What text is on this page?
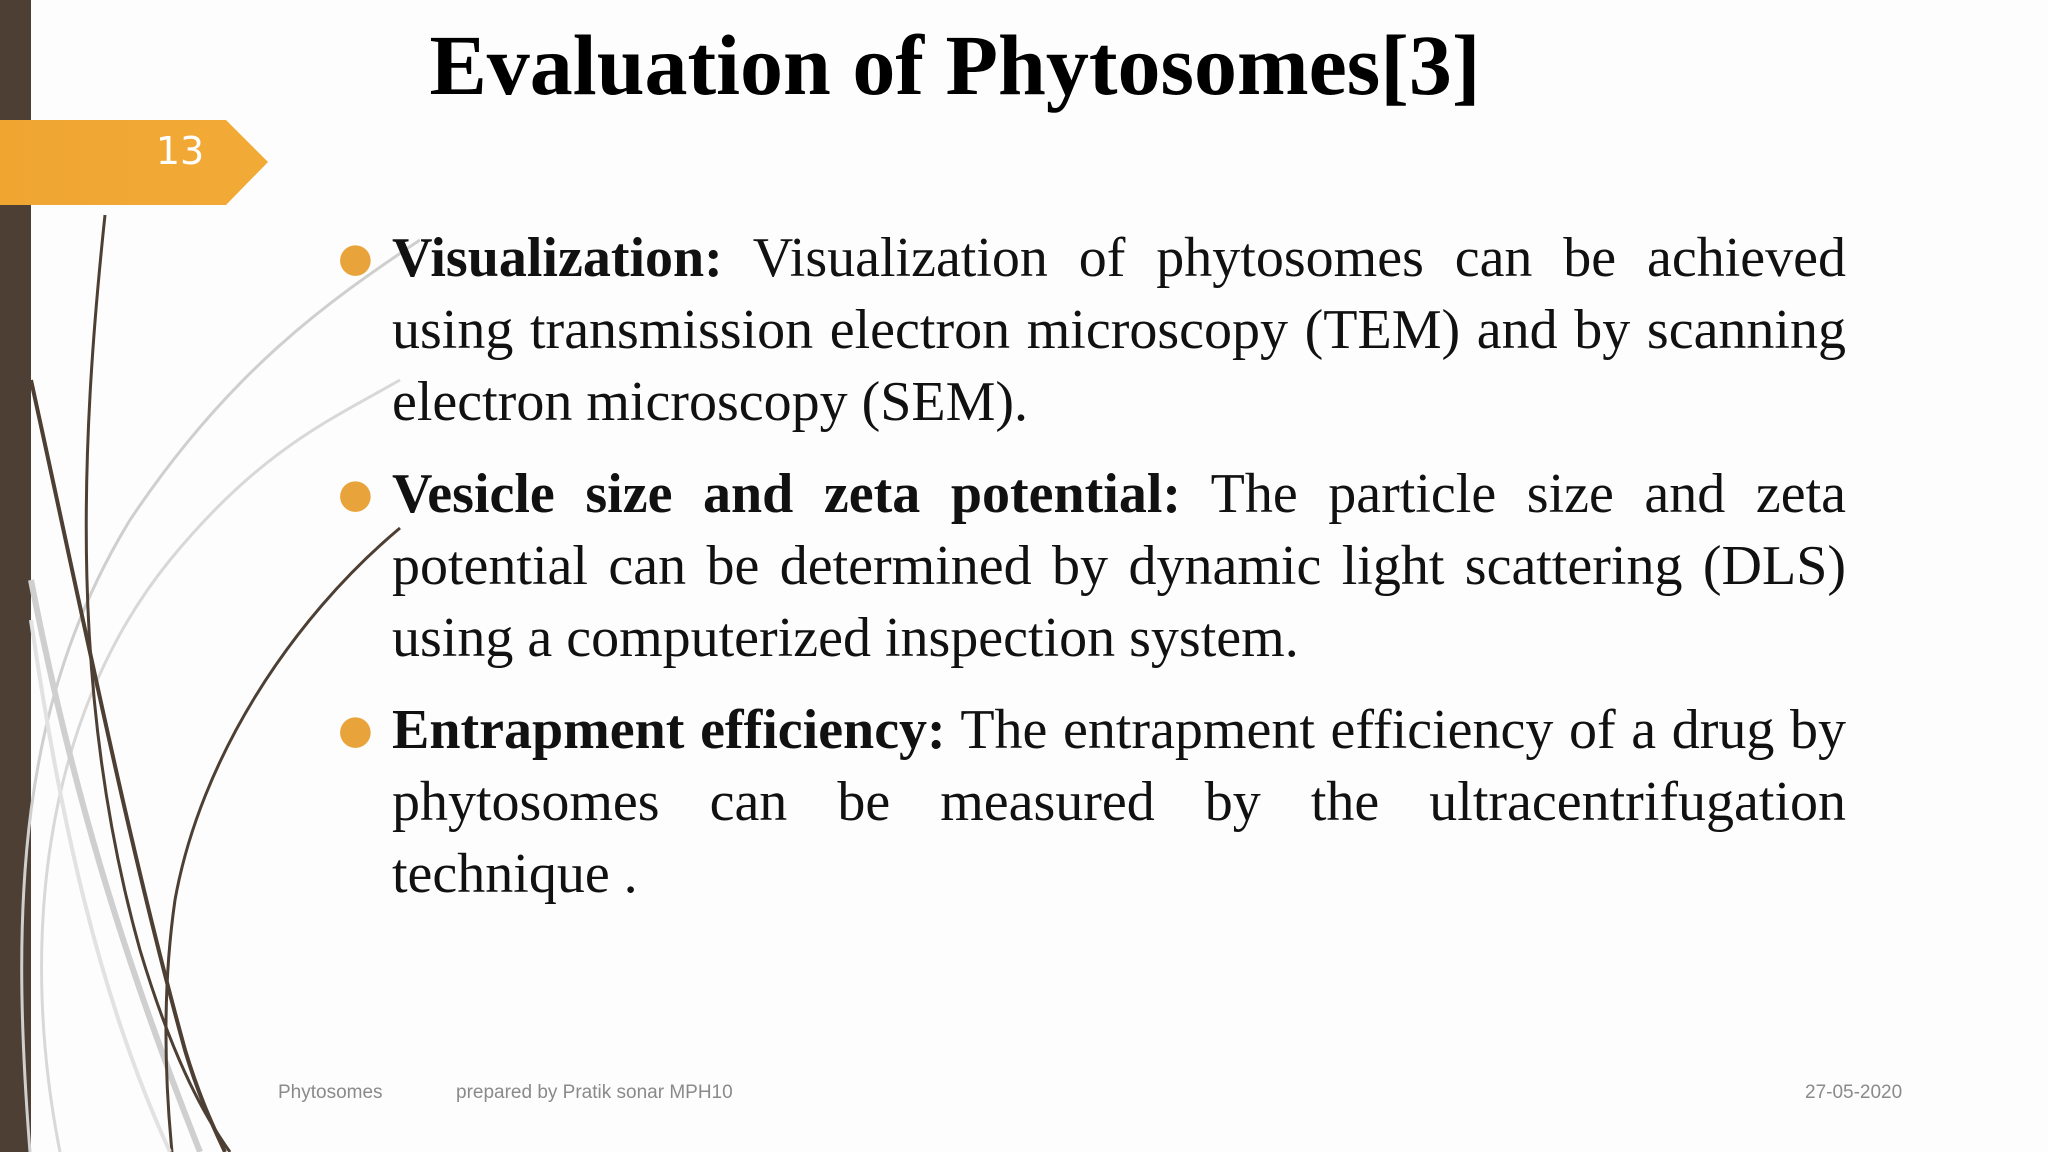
13
Evaluation of Phytosomes[3]
● Visualization: Visualization of phytosomes can be achieved using transmission electron microscopy (TEM) and by scanning electron microscopy (SEM).
● Vesicle size and zeta potential: The particle size and zeta potential can be determined by dynamic light scattering (DLS) using a computerized inspection system.
● Entrapment efficiency: The entrapment efficiency of a drug by phytosomes can be measured by the ultracentrifugation technique .
Phytosomes	prepared by Pratik sonar MPH10	27-05-2020
